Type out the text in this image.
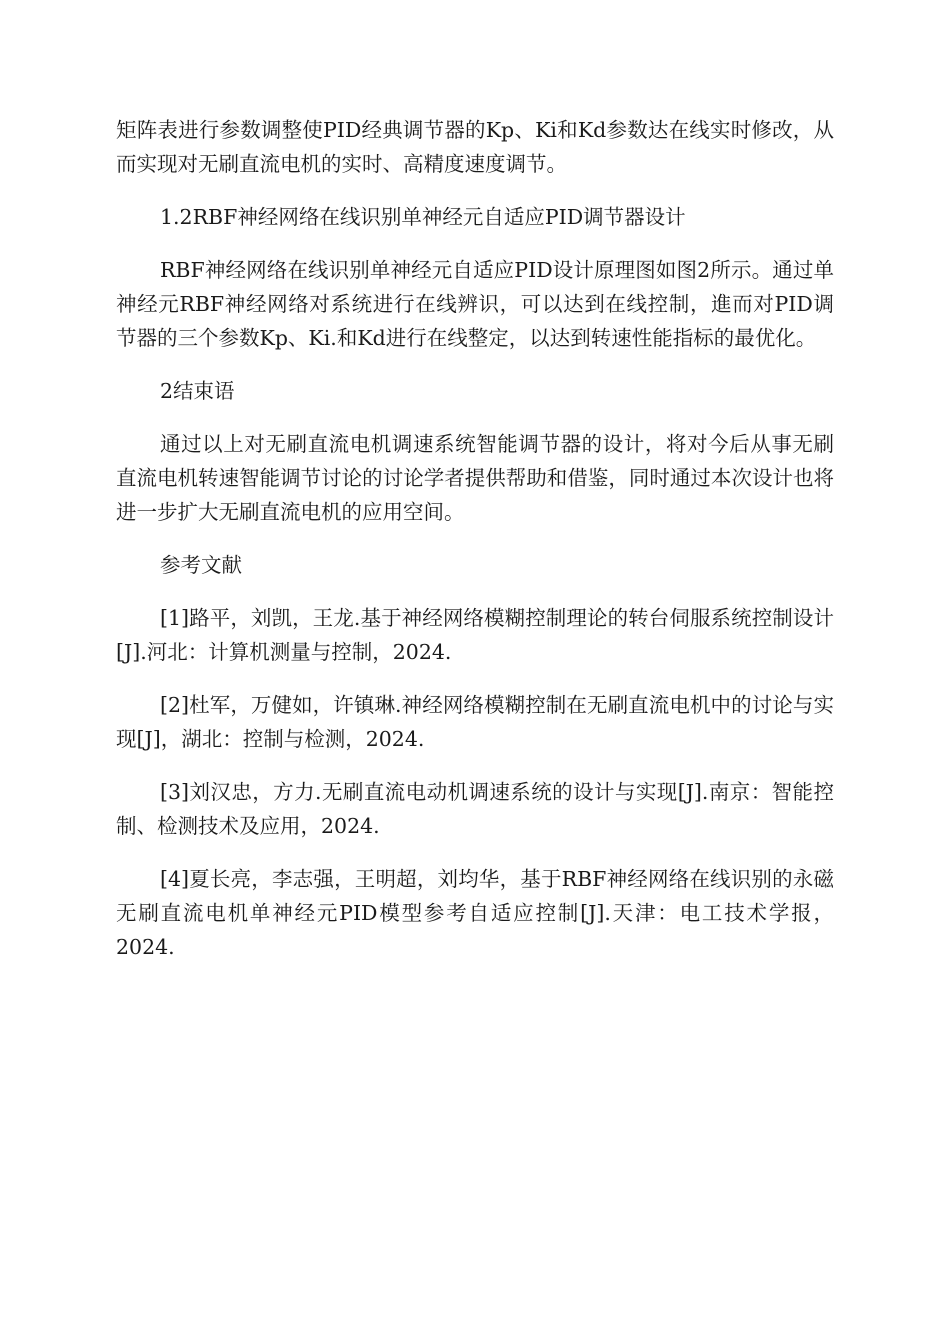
矩阵表进行参数调整使PID经典调节器的Kp、Ki和Kd参数达在线实时修改，从而实现对无刷直流电机的实时、高精度速度调节。

1.2RBF神经网络在线识别单神经元自适应PID调节器设计

RBF神经网络在线识别单神经元自适应PID设计原理图如图2所示。通过单神经元RBF神经网络对系统进行在线辨识，可以达到在线控制，進而对PID调节器的三个参数Kp、Ki.和Kd进行在线整定，以达到转速性能指标的最优化。

2结束语

通过以上对无刷直流电机调速系统智能调节器的设计，将对今后从事无刷直流电机转速智能调节讨论的讨论学者提供帮助和借鉴，同时通过本次设计也将进一步扩大无刷直流电机的应用空间。

参考文献

[1]路平，刘凯，王龙.基于神经网络模糊控制理论的转台伺服系统控制设计[J].河北：计算机测量与控制，2024.

[2]杜军，万健如，许镇琳.神经网络模糊控制在无刷直流电机中的讨论与实现[J]，湖北：控制与检测，2024.

[3]刘汉忠，方力.无刷直流电动机调速系统的设计与实现[J].南京：智能控制、检测技术及应用，2024.

[4]夏长亮，李志强，王明超，刘均华，基于RBF神经网络在线识别的永磁无刷直流电机单神经元PID模型参考自适应控制[J].天津：电工技术学报，2024.
